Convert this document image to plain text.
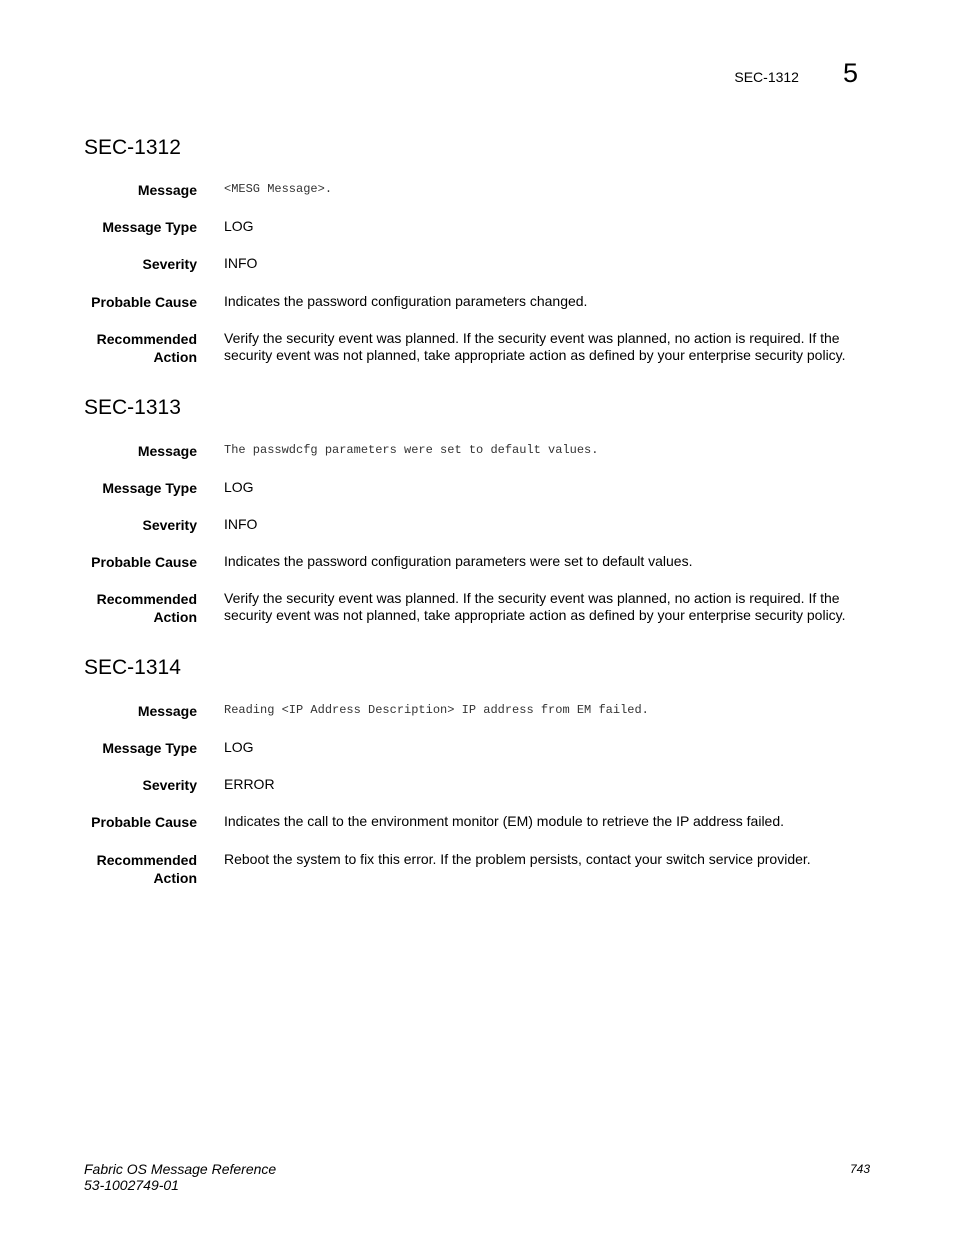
SEC-1312 5
SEC-1312
Message <MESG Message>.
Message Type LOG
Severity INFO
Probable Cause Indicates the password configuration parameters changed.
Recommended
Action
Verify the security event was planned. If the security event was planned, no action is required. If the
security event was not planned, take appropriate action as defined by your enterprise security policy.
SEC-1313
Message The passwdcfg parameters were set to default values.
Message Type LOG
Severity INFO
Probable Cause Indicates the password configuration parameters were set to default values.
Recommended
Action
Verify the security event was planned. If the security event was planned, no action is required. If the
security event was not planned, take appropriate action as defined by your enterprise security policy.
SEC-1314
Message Reading <IP Address Description> IP address from EM failed.
Message Type LOG
Severity ERROR
Probable Cause Indicates the call to the environment monitor (EM) module to retrieve the IP address failed.
Recommended
Action
Reboot the system to fix this error. If the problem persists, contact your switch service provider.
Fabric OS Message Reference
53-1002749-01
743
